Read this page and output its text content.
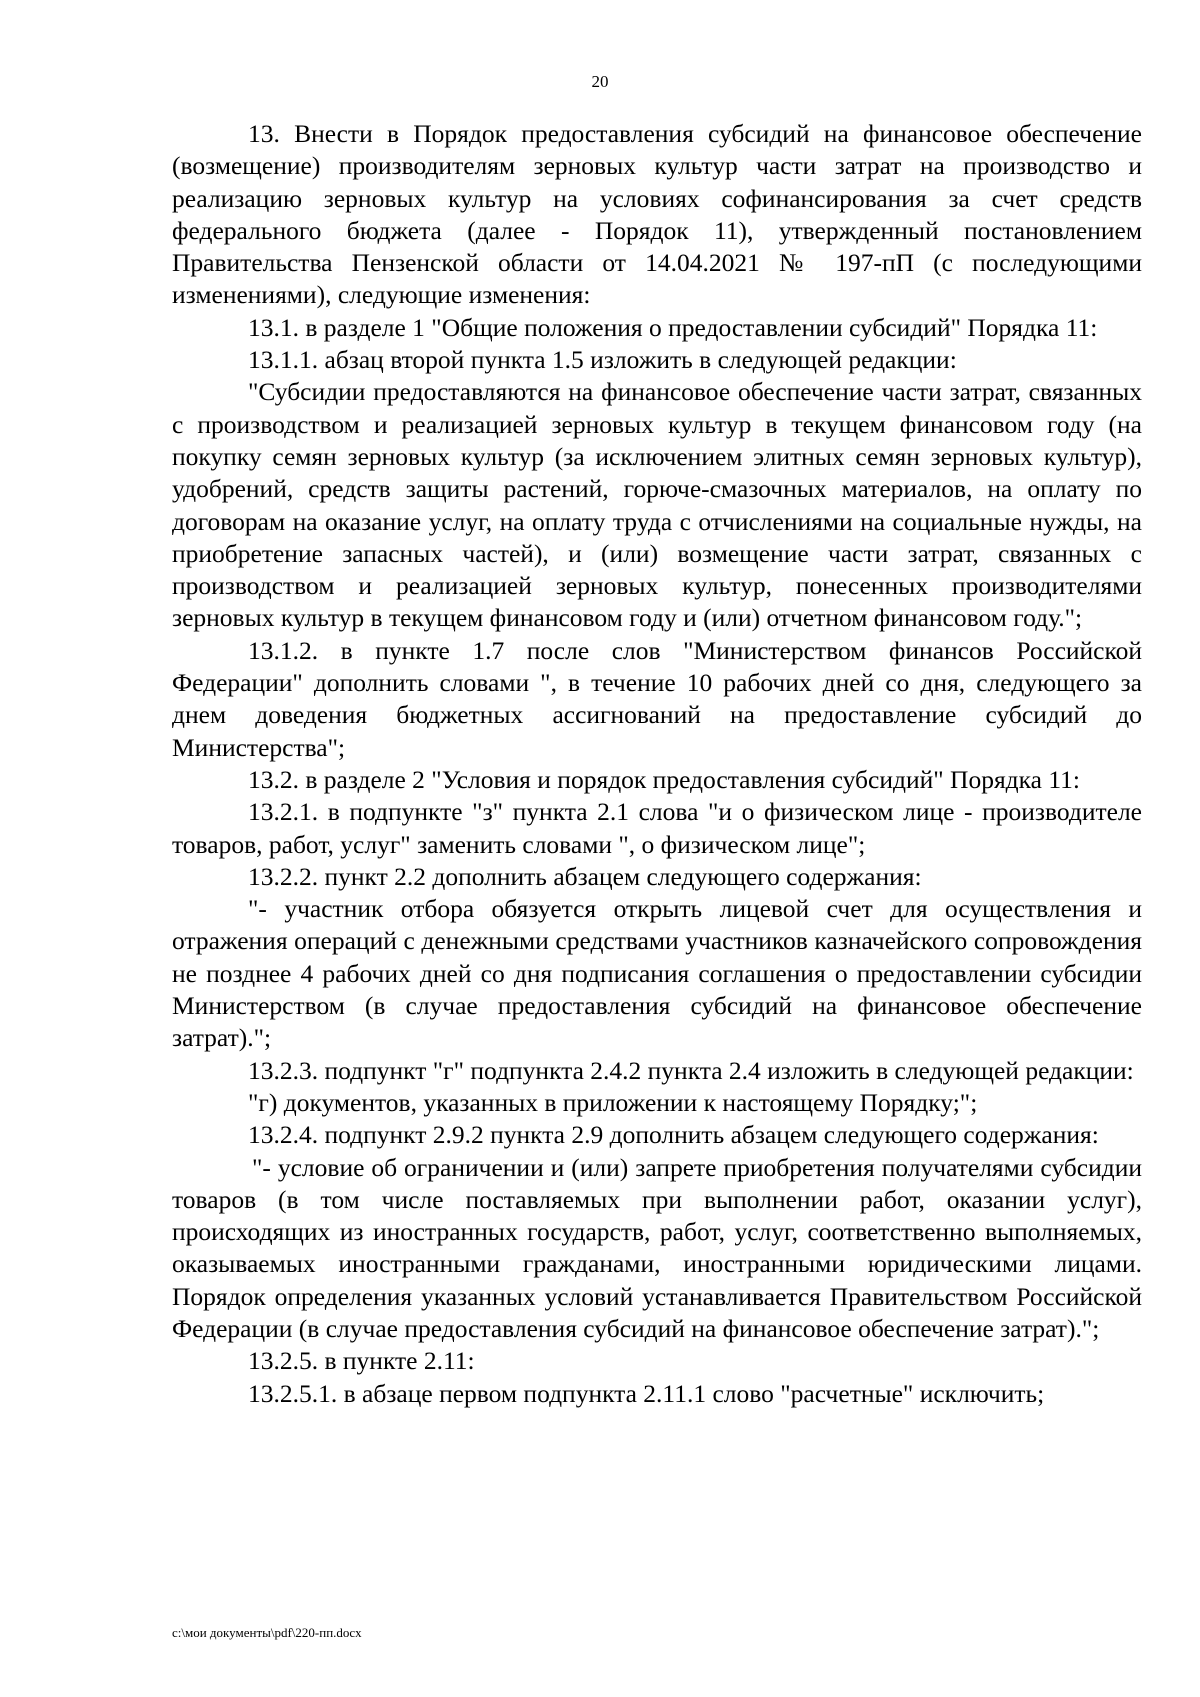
20

13. Внести в Порядок предоставления субсидий на финансовое обеспечение (возмещение) производителям зерновых культур части затрат на производство и реализацию зерновых культур на условиях софинансирования за счет средств федерального бюджета (далее - Порядок 11), утвержденный постановлением Правительства Пензенской области от 14.04.2021 № 197-пП (с последующими изменениями), следующие изменения:

13.1. в разделе 1 "Общие положения о предоставлении субсидий" Порядка 11:

13.1.1. абзац второй пункта 1.5 изложить в следующей редакции:

"Субсидии предоставляются на финансовое обеспечение части затрат, связанных с производством и реализацией зерновых культур в текущем финансовом году (на покупку семян зерновых культур (за исключением элитных семян зерновых культур), удобрений, средств защиты растений, горюче-смазочных материалов, на оплату по договорам на оказание услуг, на оплату труда с отчислениями на социальные нужды, на приобретение запасных частей), и (или) возмещение части затрат, связанных с производством и реализацией зерновых культур, понесенных производителями зерновых культур в текущем финансовом году и (или) отчетном финансовом году.";

13.1.2. в пункте 1.7 после слов "Министерством финансов Российской Федерации" дополнить словами ", в течение 10 рабочих дней со дня, следующего за днем доведения бюджетных ассигнований на предоставление субсидий до Министерства";

13.2. в разделе 2 "Условия и порядок предоставления субсидий" Порядка 11:

13.2.1. в подпункте "з" пункта 2.1 слова "и о физическом лице - производителе товаров, работ, услуг" заменить словами ", о физическом лице";

13.2.2. пункт 2.2 дополнить абзацем следующего содержания:

"- участник отбора обязуется открыть лицевой счет для осуществления и отражения операций с денежными средствами участников казначейского сопровождения не позднее 4 рабочих дней со дня подписания соглашения о предоставлении субсидии Министерством (в случае предоставления субсидий на финансовое обеспечение затрат).";

13.2.3. подпункт "г" подпункта 2.4.2 пункта 2.4 изложить в следующей редакции:

"г) документов, указанных в приложении к настоящему Порядку;";

13.2.4. подпункт 2.9.2 пункта 2.9 дополнить абзацем следующего содержания:

"- условие об ограничении и (или) запрете приобретения получателями субсидии товаров (в том числе поставляемых при выполнении работ, оказании услуг), происходящих из иностранных государств, работ, услуг, соответственно выполняемых, оказываемых иностранными гражданами, иностранными юридическими лицами. Порядок определения указанных условий устанавливается Правительством Российской Федерации (в случае предоставления субсидий на финансовое обеспечение затрат).";

13.2.5. в пункте 2.11:

13.2.5.1. в абзаце первом подпункта 2.11.1 слово "расчетные" исключить;

c:\мои документы\pdf\220-пп.docx
